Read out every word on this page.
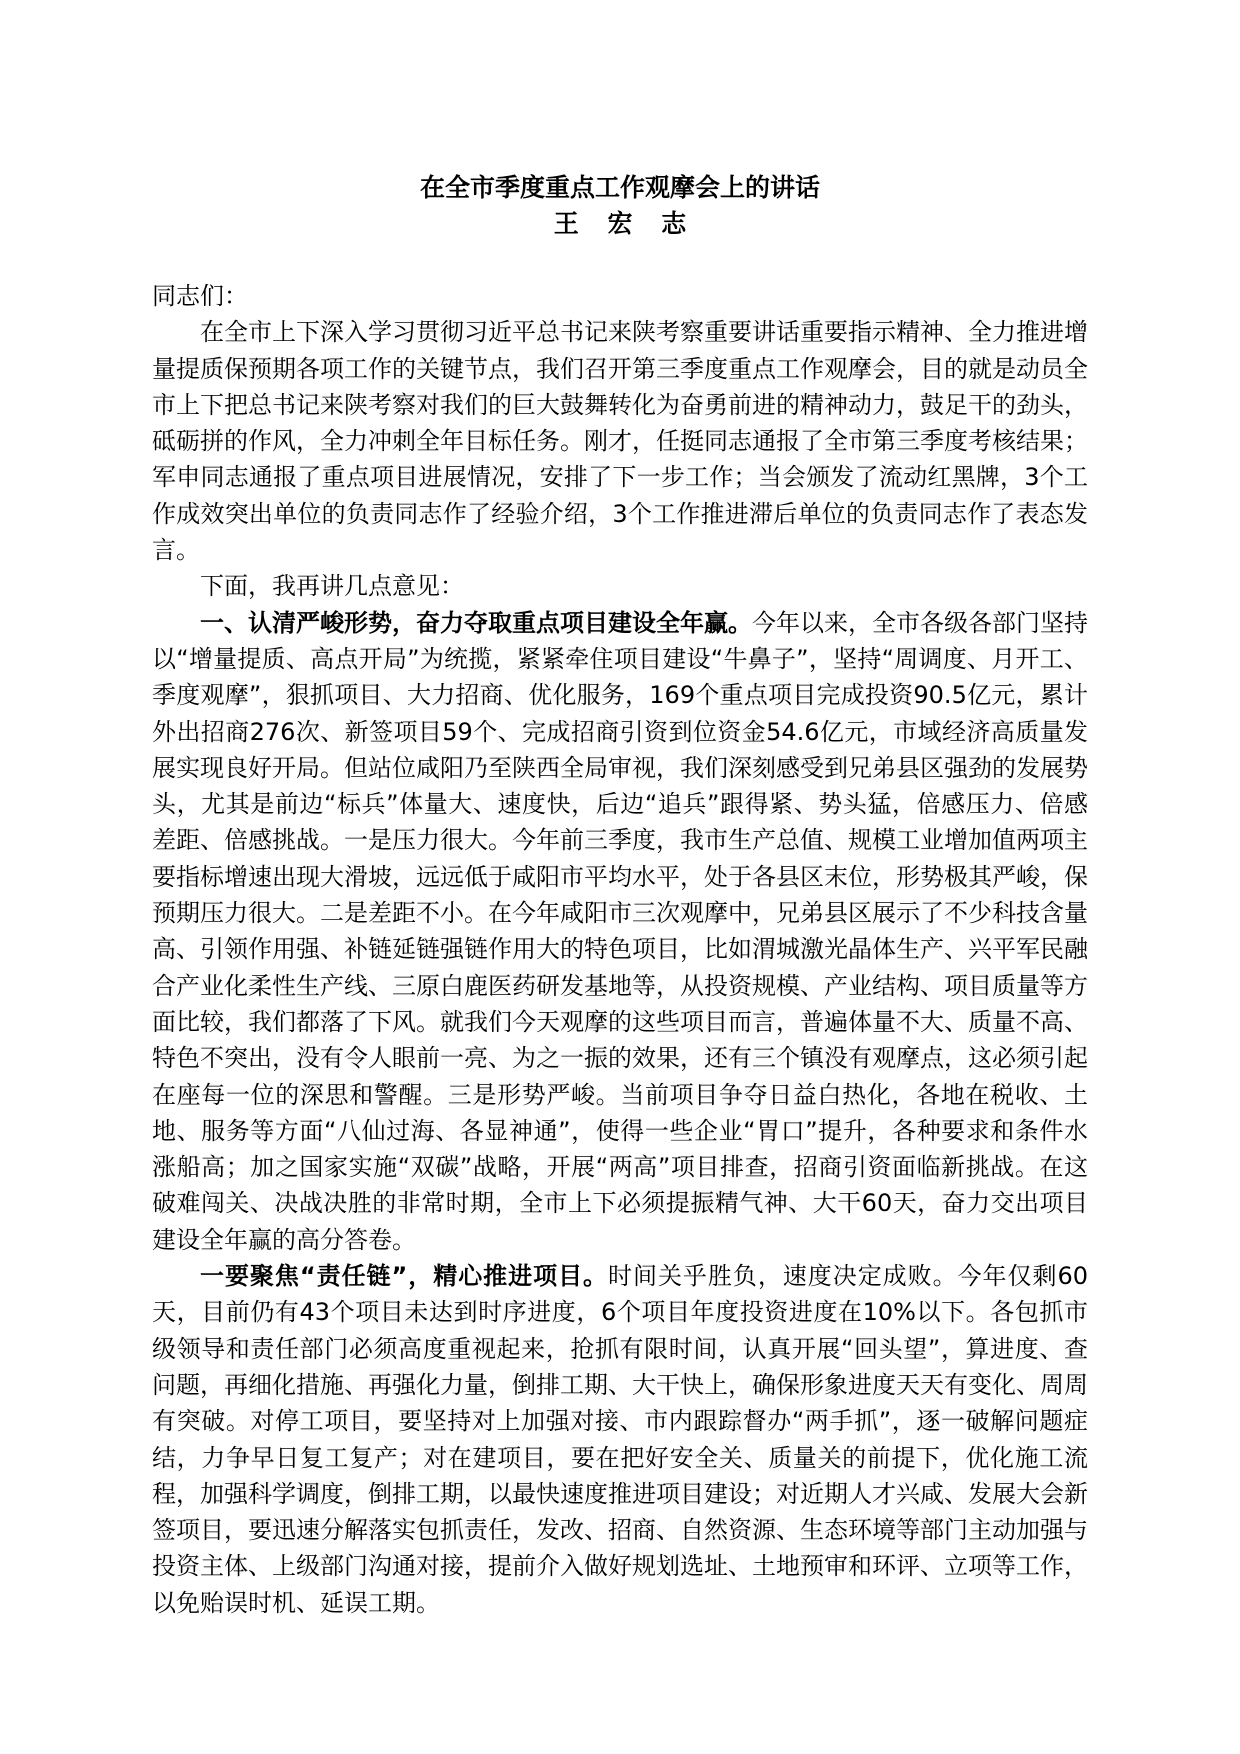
在全市季度重点工作观摩会上的讲话
王 宏 志

同志们：

在全市上下深入学习贯彻习近平总书记来陕考察重要讲话重要指示精神、全力推进增量提质保预期各项工作的关键节点，我们召开第三季度重点工作观摩会，目的就是动员全市上下把总书记来陕考察对我们的巨大鼓舞转化为奋勇前进的精神动力，鼓足干的劲头，砥砺拼的作风，全力冲刺全年目标任务。刚才，任挺同志通报了全市第三季度考核结果；军申同志通报了重点项目进展情况，安排了下一步工作；当会颁发了流动红黑牌，3个工作成效突出单位的负责同志作了经验介绍，3个工作推进滞后单位的负责同志作了表态发言。

下面，我再讲几点意见：

一、认清严峻形势，奋力夺取重点项目建设全年赢。今年以来，全市各级各部门坚持以“增量提质、高点开局”为统揽，紧紧牵住项目建设“牛鼻子”，坚持“周调度、月开工、季度观摩”，狠抓项目、大力招商、优化服务，169个重点项目完成投资90.5亿元，累计外出招商276次、新签项目59个、完成招商引资到位资金54.6亿元，市域经济高质量发展实现良好开局。但站位咸阳乃至陕西全局审视，我们深刻感受到兄弟县区强劲的发展势头，尤其是前边“标兵”体量大、速度快，后边“追兵”跟得紧、势头猛，倍感压力、倍感差距、倍感挑战。一是压力很大。今年前三季度，我市生产总值、规模工业增加值两项主要指标增速出现大滑坡，远远低于咸阳市平均水平，处于各县区末位，形势极其严峻，保预期压力很大。二是差距不小。在今年咸阳市三次观摩中，兄弟县区展示了不少科技含量高、引领作用强、补链延链强链作用大的特色项目，比如渭城激光晶体生产、兴平军民融合产业化柔性生产线、三原白鹿医药研发基地等，从投资规模、产业结构、项目质量等方面比较，我们都落了下风。就我们今天观摩的这些项目而言，普遍体量不大、质量不高、特色不突出，没有令人眼前一亮、为之一振的效果，还有三个镇没有观摩点，这必须引起在座每一位的深思和警醒。三是形势严峻。当前项目争夺日益白热化，各地在税收、土地、服务等方面“八仙过海、各显神通”，使得一些企业“胃口”提升，各种要求和条件水涨船高；加之国家实施“双碳”战略，开展“两高”项目排查，招商引资面临新挑战。在这破难闯关、决战决胜的非常时期，全市上下必须提振精气神、大干60天，奋力交出项目建设全年赢的高分答卷。

一要聚焦“责任链”，精心推进项目。时间关乎胜负，速度决定成败。今年仅剩60天，目前仍有43个项目未达到时序进度，6个项目年度投资进度在10%以下。各包抓市级领导和责任部门必须高度重视起来，抢抓有限时间，认真开展“回头望”，算进度、查问题，再细化措施、再强化力量，倒排工期、大干快上，确保形象进度天天有变化、周周有突破。对停工项目，要坚持对上加强对接、市内跟踪督办“两手抓”，逐一破解问题症结，力争早日复工复产；对在建项目，要在把好安全关、质量关的前提下，优化施工流程，加强科学调度，倒排工期，以最快速度推进项目建设；对近期人才兴咸、发展大会新签项目，要迅速分解落实包抓责任，发改、招商、自然资源、生态环境等部门主动加强与投资主体、上级部门沟通对接，提前介入做好规划选址、土地预审和环评、立项等工作，以免贻误时机、延误工期。
